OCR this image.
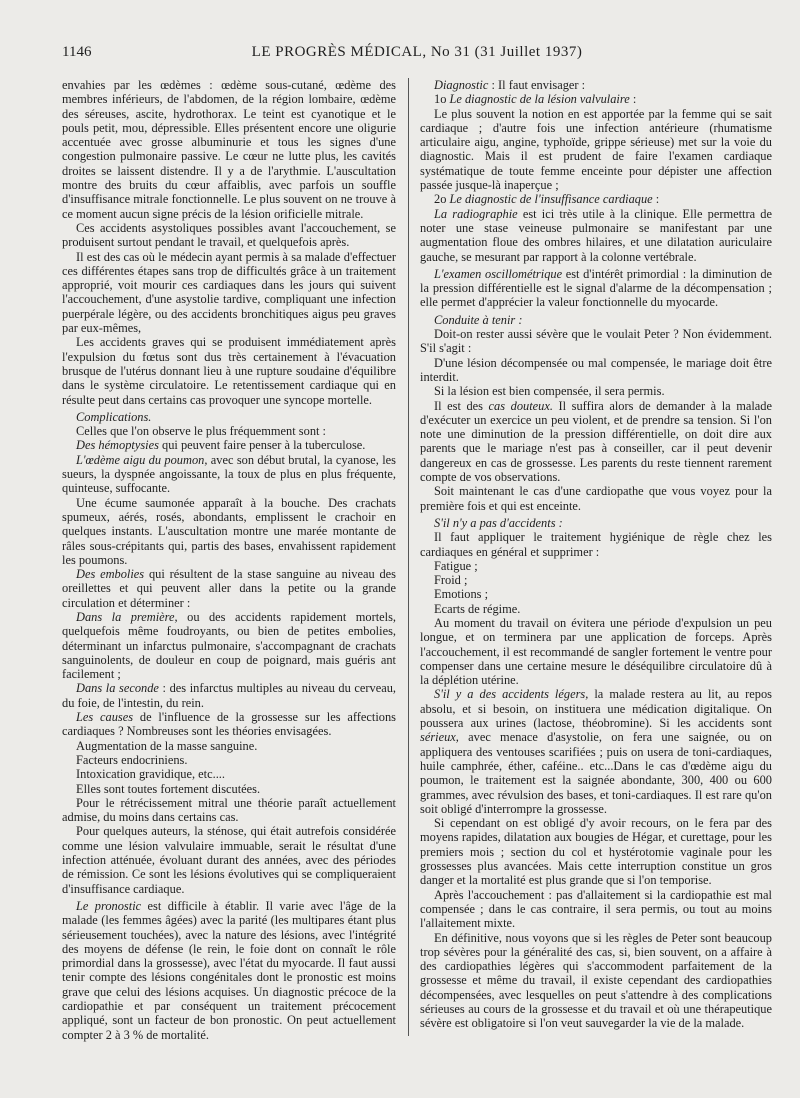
1146	LE PROGRÈS MÉDICAL, No 31 (31 Juillet 1937)

envahies par les œdèmes : œdème sous-cutané, œdème des membres inférieurs, de l'abdomen, de la région lombaire, œdème des séreuses, ascite, hydrothorax. Le teint est cyanotique et le pouls petit, mou, dépressible. Elles présentent encore une oligurie accentuée avec grosse albuminurie et tous les signes d'une congestion pulmonaire passive. Le cœur ne lutte plus, les cavités droites se laissent distendre. Il y a de l'arythmie. L'auscultation montre des bruits du cœur affaiblis, avec parfois un souffle d'insuffisance mitrale fonctionnelle. Le plus souvent on ne trouve à ce moment aucun signe précis de la lésion orificielle mitrale.

Ces accidents asystoliques possibles avant l'accouchement, se produisent surtout pendant le travail, et quelquefois après.

Il est des cas où le médecin ayant permis à sa malade d'effectuer ces différentes étapes sans trop de difficultés grâce à un traitement approprié, voit mourir ces cardiaques dans les jours qui suivent l'accouchement, d'une asystolie tardive, compliquant une infection puerpérale légère, ou des accidents bronchitiques aigus peu graves par eux-mêmes,

Les accidents graves qui se produisent immédiatement après l'expulsion du fœtus sont dus très certainement à l'évacuation brusque de l'utérus donnant lieu à une rupture soudaine d'équilibre dans le système circulatoire. Le retentissement cardiaque qui en résulte peut dans certains cas provoquer une syncope mortelle.

Complications.

Celles que l'on observe le plus fréquemment sont :

Des hémoptysies qui peuvent faire penser à la tuberculose.

L'œdème aigu du poumon, avec son début brutal, la cyanose, les sueurs, la dyspnée angoissante, la toux de plus en plus fréquente, quinteuse, suffocante.

Une écume saumonée apparaît à la bouche. Des crachats spumeux, aérés, rosés, abondants, emplissent le crachoir en quelques instants. L'auscultation montre une marée montante de râles sous-crépitants qui, partis des bases, envahissent rapidement les poumons.

Des embolies qui résultent de la stase sanguine au niveau des oreillettes et qui peuvent aller dans la petite ou la grande circulation et déterminer :

Dans la première, ou des accidents rapidement mortels, quelquefois même foudroyants, ou bien de petites embolies, déterminant un infarctus pulmonaire, s'accompagnant de crachats sanguinolents, de douleur en coup de poignard, mais guéris ant facilement ;

Dans la seconde : des infarctus multiples au niveau du cerveau, du foie, de l'intestin, du rein.

Les causes de l'influence de la grossesse sur les affections cardiaques ? Nombreuses sont les théories envisagées.

Augmentation de la masse sanguine.

Facteurs endocriniens.

Intoxication gravidique, etc....

Elles sont toutes fortement discutées.

Pour le rétrécissement mitral une théorie paraît actuellement admise, du moins dans certains cas.

Pour quelques auteurs, la sténose, qui était autrefois considérée comme une lésion valvulaire immuable, serait le résultat d'une infection atténuée, évoluant durant des années, avec des périodes de rémission. Ce sont les lésions évolutives qui se compliqueraient d'insuffisance cardiaque.

Le pronostic est difficile à établir. Il varie avec l'âge de la malade (les femmes âgées) avec la parité (les multipares étant plus sérieusement touchées), avec la nature des lésions, avec l'intégrité des moyens de défense (le rein, le foie dont on connaît le rôle primordial dans la grossesse), avec l'état du myocarde. Il faut aussi tenir compte des lésions congénitales dont le pronostic est moins grave que celui des lésions acquises. Un diagnostic précoce de la cardiopathie et par conséquent un traitement précocement appliqué, sont un facteur de bon pronostic. On peut actuellement compter 2 à 3 % de mortalité.

Diagnostic : Il faut envisager :

1o Le diagnostic de la lésion valvulaire :

Le plus souvent la notion en est apportée par la femme qui se sait cardiaque ; d'autre fois une infection antérieure (rhumatisme articulaire aigu, angine, typhoïde, grippe sérieuse) met sur la voie du diagnostic. Mais il est prudent de faire l'examen cardiaque systématique de toute femme enceinte pour dépister une affection passée jusque-là inaperçue ;

2o Le diagnostic de l'insuffisance cardiaque :

La radiographie est ici très utile à la clinique. Elle permettra de noter une stase veineuse pulmonaire se manifestant par une augmentation floue des ombres hilaires, et une dilatation auriculaire gauche, se mesurant par rapport à la colonne vertébrale.

L'examen oscillométrique est d'intérêt primordial : la diminution de la pression différentielle est le signal d'alarme de la décompensation ; elle permet d'apprécier la valeur fonctionnelle du myocarde.

Conduite à tenir :

Doit-on rester aussi sévère que le voulait Peter ? Non évidemment. S'il s'agit :

D'une lésion décompensée ou mal compensée, le mariage doit être interdit.

Si la lésion est bien compensée, il sera permis.

Il est des cas douteux. Il suffira alors de demander à la malade d'exécuter un exercice un peu violent, et de prendre sa tension. Si l'on note une diminution de la pression différentielle, on doit dire aux parents que le mariage n'est pas à conseiller, car il peut devenir dangereux en cas de grossesse. Les parents du reste tiennent rarement compte de vos observations.

Soit maintenant le cas d'une cardiopathe que vous voyez pour la première fois et qui est enceinte.

S'il n'y a pas d'accidents :

Il faut appliquer le traitement hygiénique de règle chez les cardiaques en général et supprimer :

Fatigue ;

Froid ;

Emotions ;

Ecarts de régime.

Au moment du travail on évitera une période d'expulsion un peu longue, et on terminera par une application de forceps. Après l'accouchement, il est recommandé de sangler fortement le ventre pour compenser dans une certaine mesure le déséquilibre circulatoire dû à la déplétion utérine.

S'il y a des accidents légers, la malade restera au lit, au repos absolu, et si besoin, on instituera une médication digitalique. On poussera aux urines (lactose, théobromine). Si les accidents sont sérieux, avec menace d'asystolie, on fera une saignée, ou on appliquera des ventouses scarifiées ; puis on usera de toni-cardiaques, huile camphrée, éther, caféine.. etc...Dans le cas d'œdème aigu du poumon, le traitement est la saignée abondante, 300, 400 ou 600 grammes, avec révulsion des bases, et toni-cardiaques. Il est rare qu'on soit obligé d'interrompre la grossesse.

Si cependant on est obligé d'y avoir recours, on le fera par des moyens rapides, dilatation aux bougies de Hégar, et curettage, pour les premiers mois ; section du col et hystérotomie vaginale pour les grossesses plus avancées. Mais cette interruption constitue un gros danger et la mortalité est plus grande que si l'on temporise.

Après l'accouchement : pas d'allaitement si la cardiopathie est mal compensée ; dans le cas contraire, il sera permis, ou tout au moins l'allaitement mixte.

En définitive, nous voyons que si les règles de Peter sont beaucoup trop sévères pour la généralité des cas, si, bien souvent, on a affaire à des cardiopathies légères qui s'accommodent parfaitement de la grossesse et même du travail, il existe cependant des cardiopathies décompensées, avec lesquelles on peut s'attendre à des complications sérieuses au cours de la grossesse et du travail et où une thérapeutique sévère est obligatoire si l'on veut sauvegarder la vie de la malade.
